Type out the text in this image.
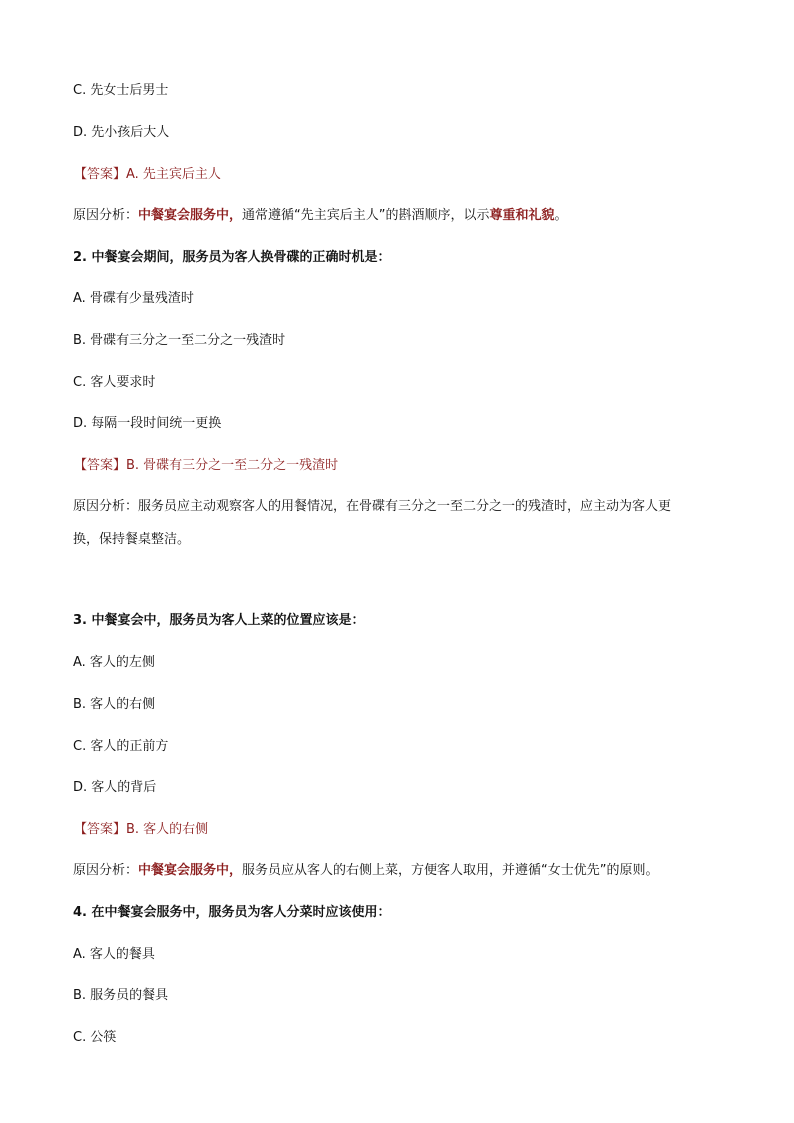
C. 先女士后男士
D. 先小孩后大人
【答案】A. 先主宾后主人
原因分析：中餐宴会服务中，通常遵循“先主宾后主人”的斟酒顺序，以示尊重和礼貌。
2. 中餐宴会期间，服务员为客人换骨碟的正确时机是：
A. 骨碟有少量残渣时
B. 骨碟有三分之一至二分之一残渣时
C. 客人要求时
D. 每隔一段时间统一更换
【答案】B. 骨碟有三分之一至二分之一残渣时
原因分析：服务员应主动观察客人的用餐情况，在骨碟有三分之一至二分之一的残渣时，应主动为客人更
换，保持餐桌整洁。
3. 中餐宴会中，服务员为客人上菜的位置应该是：
A. 客人的左侧
B. 客人的右侧
C. 客人的正前方
D. 客人的背后
【答案】B. 客人的右侧
原因分析：中餐宴会服务中，服务员应从客人的右侧上菜，方便客人取用，并遵循“女士优先”的原则。
4. 在中餐宴会服务中，服务员为客人分菜时应该使用：
A. 客人的餐具
B. 服务员的餐具
C. 公筷
